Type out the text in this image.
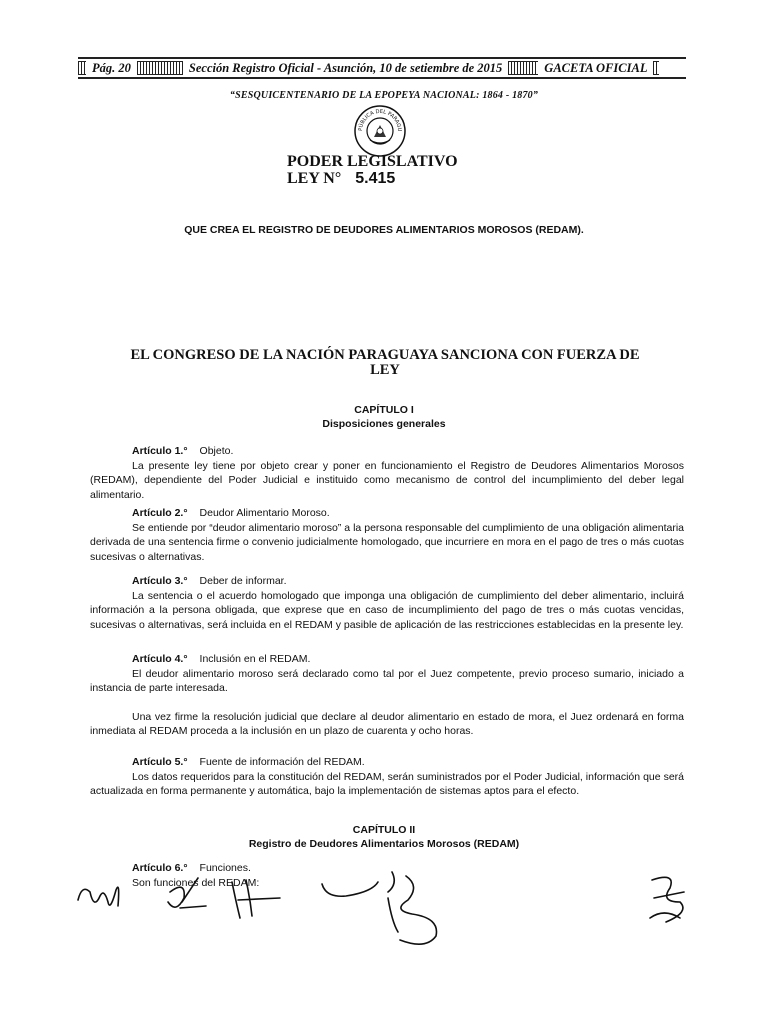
Pág. 20	Sección Registro Oficial - Asunción, 10 de setiembre de 2015	GACETA OFICIAL
“SESQUICENTENARIO DE LA EPOPEYA NACIONAL: 1864 - 1870”
PÚBLICA DEL PARAGU
PODER LEGISLATIVO
LEY N° 5.415
QUE CREA EL REGISTRO DE DEUDORES ALIMENTARIOS MOROSOS (REDAM).
EL CONGRESO DE LA NACIÓN PARAGUAYA SANCIONA CON FUERZA DE
LEY
CAPÍTULO I
Disposiciones generales

Artículo 1.° Objeto.

La presente ley tiene por objeto crear y poner en funcionamiento el Registro de Deudores Alimentarios Morosos (REDAM), dependiente del Poder Judicial e instituido como mecanismo de control del incumplimiento del deber legal alimentario.

Artículo 2.° Deudor Alimentario Moroso.

Se entiende por “deudor alimentario moroso” a la persona responsable del cumplimiento de una obligación alimentaria derivada de una sentencia firme o convenio judicialmente homologado, que incurriere en mora en el pago de tres o más cuotas sucesivas o alternativas.

Artículo 3.° Deber de informar.

La sentencia o el acuerdo homologado que imponga una obligación de cumplimiento del deber alimentario, incluirá información a la persona obligada, que exprese que en caso de incumplimiento del pago de tres o más cuotas vencidas, sucesivas o alternativas, será incluida en el REDAM y pasible de aplicación de las restricciones establecidas en la presente ley.

Artículo 4.° Inclusión en el REDAM.

El deudor alimentario moroso será declarado como tal por el Juez competente, previo proceso sumario, iniciado a instancia de parte interesada.

Una vez firme la resolución judicial que declare al deudor alimentario en estado de mora, el Juez ordenará en forma inmediata al REDAM proceda a la inclusión en un plazo de cuarenta y ocho horas.

Artículo 5.° Fuente de información del REDAM.

Los datos requeridos para la constitución del REDAM, serán suministrados por el Poder Judicial, información que será actualizada en forma permanente y automática, bajo la implementación de sistemas aptos para el efecto.

CAPÍTULO II
Registro de Deudores Alimentarios Morosos (REDAM)

Artículo 6.° Funciones.

Son funciones del REDAM:
